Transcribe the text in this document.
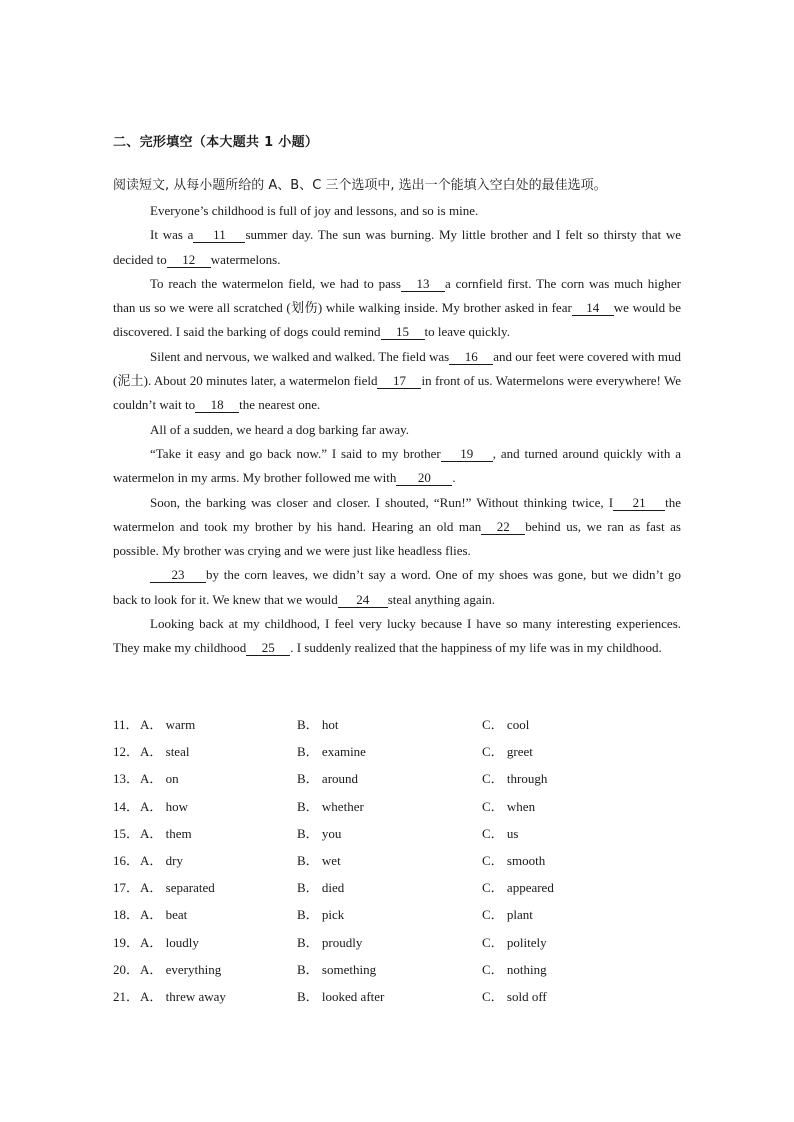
二、完形填空（本大题共 1 小题）
阅读短文, 从每小题所给的 A、B、C 三个选项中, 选出一个能填入空白处的最佳选项。

Everyone’s childhood is full of joy and lessons, and so is mine.

It was a 11 summer day. The sun was burning. My little brother and I felt so thirsty that we decided to 12 watermelons.

To reach the watermelon field, we had to pass 13 a cornfield first. The corn was much higher than us so we were all scratched (划伤) while walking inside. My brother asked in fear 14 we would be discovered. I said the barking of dogs could remind 15 to leave quickly.

Silent and nervous, we walked and walked. The field was 16 and our feet were covered with mud (泥土). About 20 minutes later, a watermelon field 17 in front of us. Watermelons were everywhere! We couldn’t wait to 18 the nearest one.

All of a sudden, we heard a dog barking far away.

“Take it easy and go back now.” I said to my brother 19 , and turned around quickly with a watermelon in my arms. My brother followed me with 20 .

Soon, the barking was closer and closer. I shouted, “Run!” Without thinking twice, I 21 the watermelon and took my brother by his hand. Hearing an old man 22 behind us, we ran as fast as possible. My brother was crying and we were just like headless flies.

23 by the corn leaves, we didn’t say a word. One of my shoes was gone, but we didn’t go back to look for it. We knew that we would 24 steal anything again.

Looking back at my childhood, I feel very lucky because I have so many interesting experiences. They make my childhood 25 . I suddenly realized that the happiness of my life was in my childhood.

11． A． warm	B． hot	C． cool
12． A． steal	B． examine	C． greet
13． A． on	B． around	C． through
14． A． how	B． whether	C． when
15． A． them	B． you	C． us
16． A． dry	B． wet	C． smooth
17． A． separated	B． died	C． appeared
18． A． beat	B． pick	C． plant
19． A． loudly	B． proudly	C． politely
20． A． everything	B． something	C． nothing
21． A． threw away	B． looked after	C． sold off
